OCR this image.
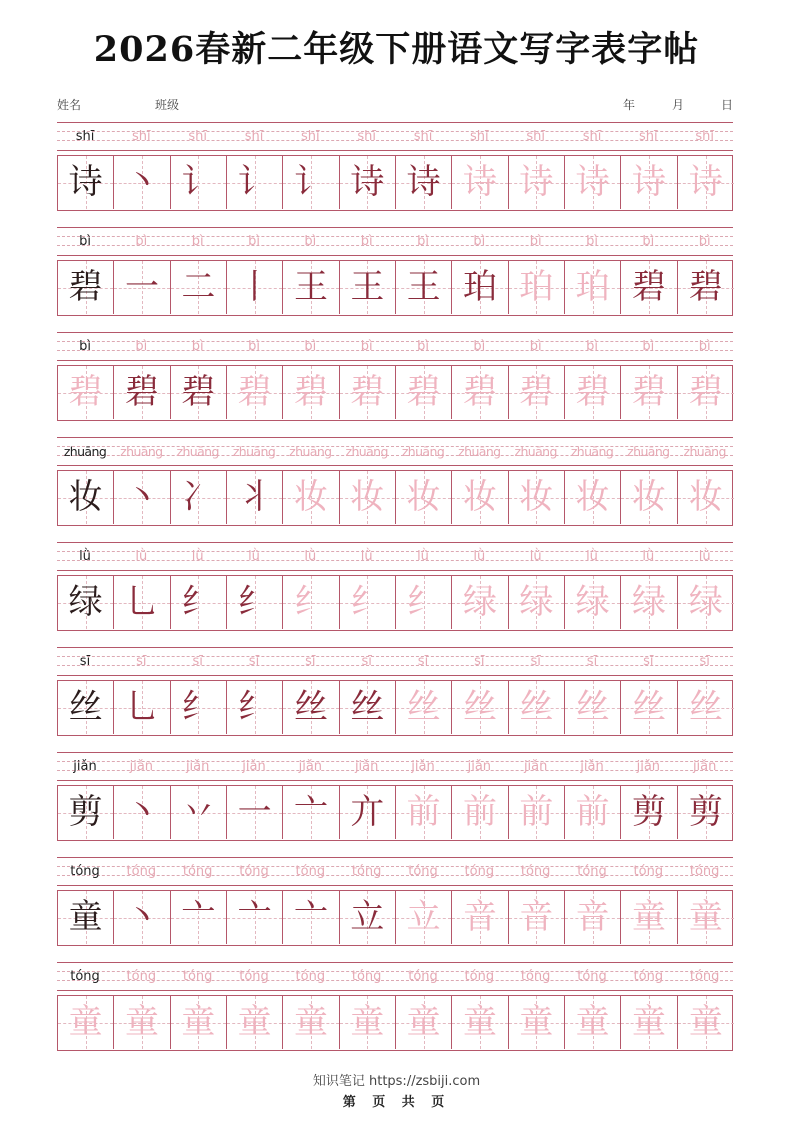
2026春新二年级下册语文写字表字帖
姓名	班级	年	月	日
shī	shī	shī	shī	shī	shī	shī	shī	shī	shī	shī	shī
诗 丶 讠 讠 讠 诗 诗 诗 诗 诗 诗 诗
bì	bì	bì	bì	bì	bì	bì	bì	bì	bì	bì	bì
碧 一 二 丨 王 王 王 珀 珀 珀 碧 碧
bì	bì	bì	bì	bì	bì	bì	bì	bì	bì	bì	bì
碧 碧 碧 碧 碧 碧 碧 碧 碧 碧 碧 碧
zhuāng	zhuāng	zhuāng	zhuāng	zhuāng	zhuāng	zhuāng	zhuāng	zhuāng	zhuāng	zhuāng	zhuāng
妆 丶 冫 丬 妆 妆 妆 妆 妆 妆 妆 妆
lǜ	lǜ	lǜ	lǜ	lǜ	lǜ	lǜ	lǜ	lǜ	lǜ	lǜ	lǜ
绿 乚 纟 纟 纟 纟 纟 绿 绿 绿 绿 绿
sī	sī	sī	sī	sī	sī	sī	sī	sī	sī	sī	sī
丝 乚 纟 纟 丝 丝 丝 丝 丝 丝 丝 丝
jiǎn	jiǎn	jiǎn	jiǎn	jiǎn	jiǎn	jiǎn	jiǎn	jiǎn	jiǎn	jiǎn	jiǎn
剪 丶 丷 一 亠 亣 前 前 前 前 剪 剪
tóng	tóng	tóng	tóng	tóng	tóng	tóng	tóng	tóng	tóng	tóng	tóng
童 丶 亠 亠 亠 立 立 音 音 音 童 童
tóng	tóng	tóng	tóng	tóng	tóng	tóng	tóng	tóng	tóng	tóng	tóng
童 童 童 童 童 童 童 童 童 童 童 童
知识笔记 https://zsbiji.com
第 页 共 页
